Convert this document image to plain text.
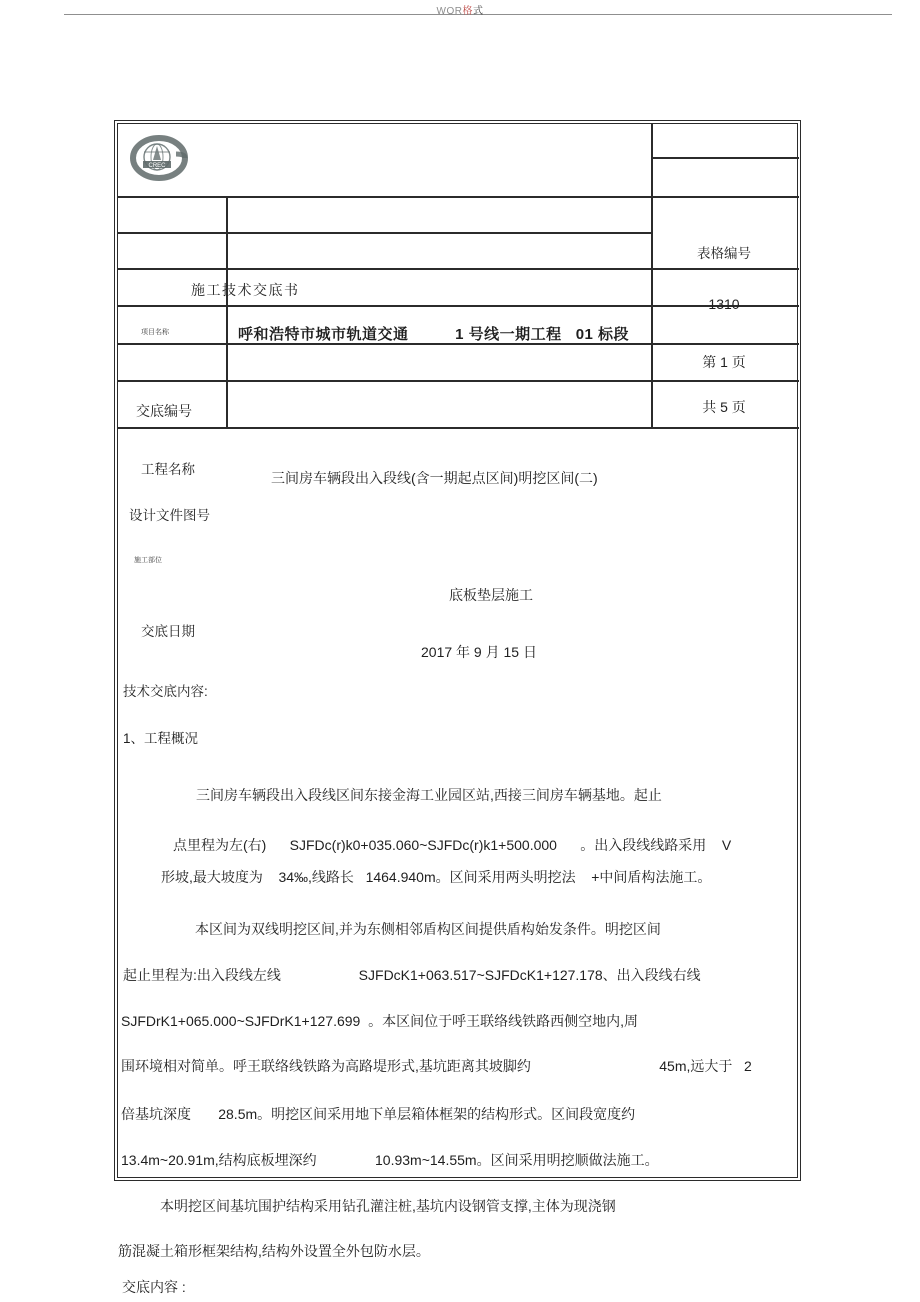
WOR格式
CREC
表格编号
1310
施工技术交底书
项目名称	呼和浩特市城市轨道交通          1 号线一期工程   01 标段
第 1 页
交底编号	共 5 页
工程名称
三间房车辆段出入段线(含一期起点区间)明挖区间(二)
设计文件图号
施工部位
底板垫层施工
交底日期
2017 年 9 月 15 日
技术交底内容:
1、工程概况
三间房车辆段出入段线区间东接金海工业园区站,西接三间房车辆基地。起止
点里程为左(右)      SJFDc(r)k0+035.060~SJFDc(r)k1+500.000      。出入段线线路采用    V
形坡,最大坡度为    34‰,线路长   1464.940m。区间采用两头明挖法    +中间盾构法施工。
本区间为双线明挖区间,并为东侧相邻盾构区间提供盾构始发条件。明挖区间
起止里程为:出入段线左线                    SJFDcK1+063.517~SJFDcK1+127.178、出入段线右线
SJFDrK1+065.000~SJFDrK1+127.699  。本区间位于呼王联络线铁路西侧空地内,周
围环境相对简单。呼王联络线铁路为高路堤形式,基坑距离其坡脚约                                 45m,远大于   2
倍基坑深度       28.5m。明挖区间采用地下单层箱体框架的结构形式。区间段宽度约
13.4m~20.91m,结构底板埋深约               10.93m~14.55m。区间采用明挖顺做法施工。
本明挖区间基坑围护结构采用钻孔灌注桩,基坑内设钢管支撑,主体为现浇钢
筋混凝土箱形框架结构,结构外设置全外包防水层。
交底内容 :
